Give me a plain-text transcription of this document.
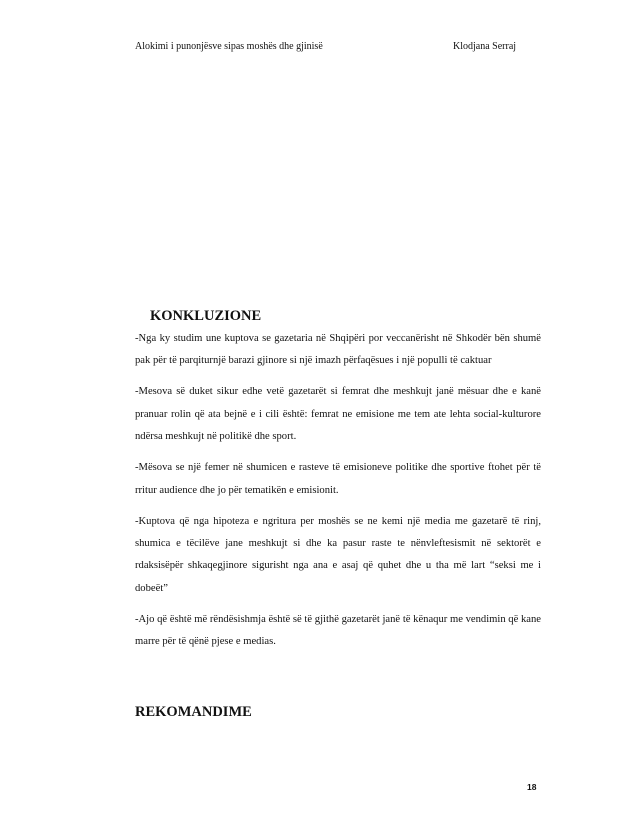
Alokimi i punonjësve sipas moshës dhe gjinisë	Klodjana Serraj
KONKLUZIONE

-Nga ky studim une kuptova se gazetaria në Shqipëri por veccanërisht në Shkodër bën shumë pak për të parqiturnjë barazi gjinore si një imazh përfaqësues i një populli të caktuar

-Mesova së duket sikur edhe vetë gazetarët si femrat dhe meshkujt janë mësuar dhe e kanë pranuar rolin që ata bejnë e i cili është: femrat ne emisione me tem ate lehta social-kulturore ndërsa meshkujt në politikë dhe sport.

-Mësova se një femer në shumicen e rasteve të emisioneve politike dhe sportive ftohet për të rritur audience dhe jo për tematikën e emisionit.

-Kuptova që nga hipoteza e ngritura per moshës se ne kemi një media me gazetarë të rinj, shumica e tëcilëve jane meshkujt si dhe ka pasur raste te nënvleftesismit në sektorët e rdaksisëpër shkaqegjinore sigurisht nga ana e asaj që quhet dhe u tha më lart “seksi me i dobeët”

-Ajo që është më rëndësishmja është së të gjithë gazetarët janë të kënaqur me vendimin që kane marre për të qënë pjese e medias.

REKOMANDIME
18
